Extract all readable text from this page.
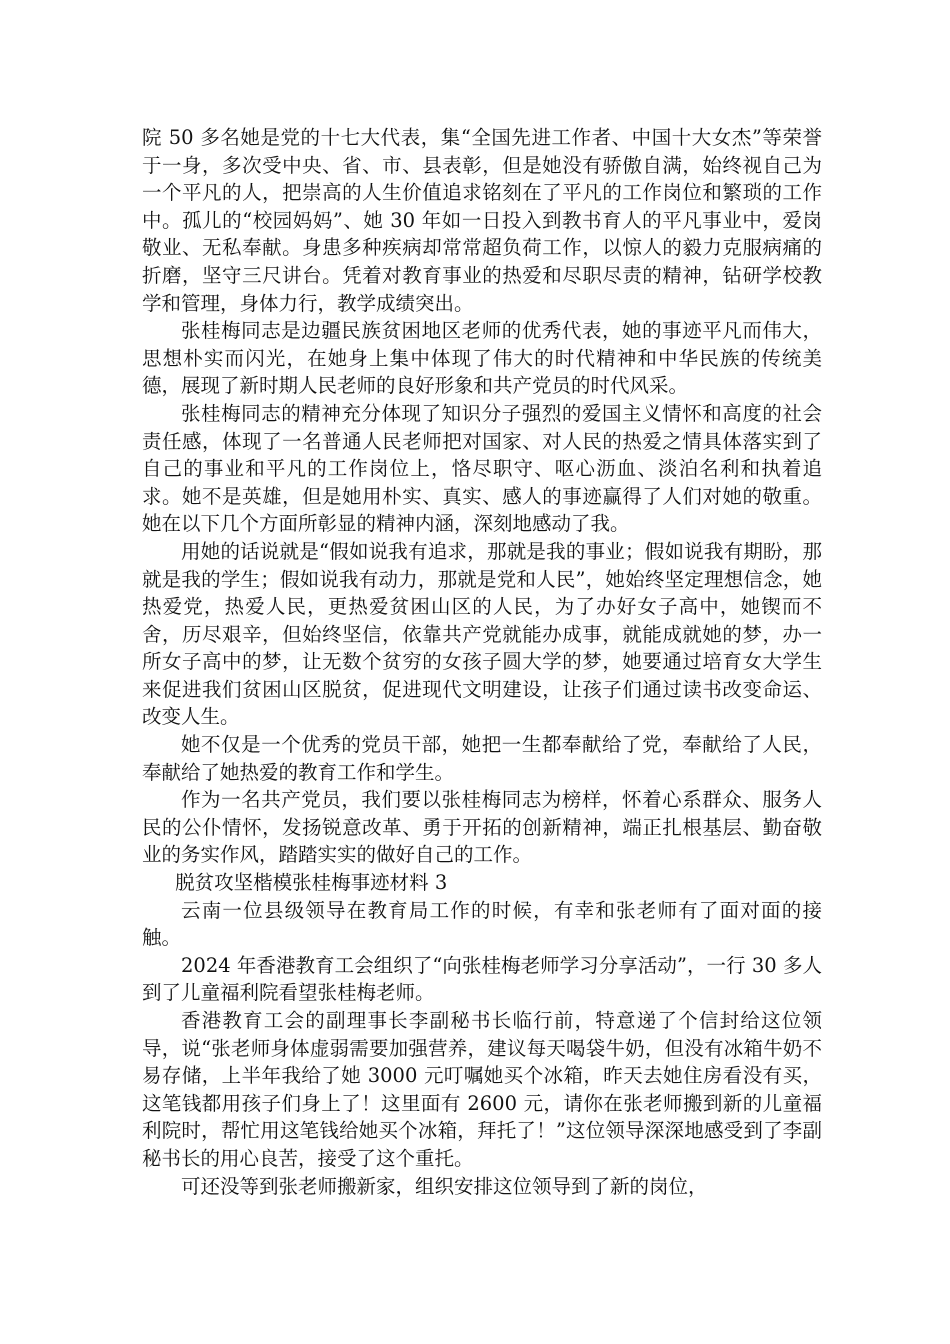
院 50 多名她是党的十七大代表，集“全国先进工作者、中国十大女杰”等荣誉于一身，多次受中央、省、市、县表彰，但是她没有骄傲自满，始终视自己为一个平凡的人，把崇高的人生价值追求铭刻在了平凡的工作岗位和繁琐的工作中。孤儿的“校园妈妈”、她 30 年如一日投入到教书育人的平凡事业中，爱岗敬业、无私奉献。身患多种疾病却常常超负荷工作，以惊人的毅力克服病痛的折磨，坚守三尺讲台。凭着对教育事业的热爱和尽职尽责的精神，钻研学校教学和管理，身体力行，教学成绩突出。

张桂梅同志是边疆民族贫困地区老师的优秀代表，她的事迹平凡而伟大，思想朴实而闪光，在她身上集中体现了伟大的时代精神和中华民族的传统美德，展现了新时期人民老师的良好形象和共产党员的时代风采。

张桂梅同志的精神充分体现了知识分子强烈的爱国主义情怀和高度的社会责任感，体现了一名普通人民老师把对国家、对人民的热爱之情具体落实到了自己的事业和平凡的工作岗位上，恪尽职守、呕心沥血、淡泊名利和执着追求。她不是英雄，但是她用朴实、真实、感人的事迹赢得了人们对她的敬重。她在以下几个方面所彰显的精神内涵，深刻地感动了我。

用她的话说就是“假如说我有追求，那就是我的事业；假如说我有期盼，那就是我的学生；假如说我有动力，那就是党和人民”，她始终坚定理想信念，她热爱党，热爱人民，更热爱贫困山区的人民，为了办好女子高中，她锲而不舍，历尽艰辛，但始终坚信，依靠共产党就能办成事，就能成就她的梦，办一所女子高中的梦，让无数个贫穷的女孩子圆大学的梦，她要通过培育女大学生来促进我们贫困山区脱贫，促进现代文明建设，让孩子们通过读书改变命运、改变人生。

她不仅是一个优秀的党员干部，她把一生都奉献给了党，奉献给了人民，奉献给了她热爱的教育工作和学生。

作为一名共产党员，我们要以张桂梅同志为榜样，怀着心系群众、服务人民的公仆情怀，发扬锐意改革、勇于开拓的创新精神，端正扎根基层、勤奋敬业的务实作风，踏踏实实的做好自己的工作。

脱贫攻坚楷模张桂梅事迹材料 3

云南一位县级领导在教育局工作的时候，有幸和张老师有了面对面的接触。

2024 年香港教育工会组织了“向张桂梅老师学习分享活动”，一行 30 多人到了儿童福利院看望张桂梅老师。

香港教育工会的副理事长李副秘书长临行前，特意递了个信封给这位领导，说“张老师身体虚弱需要加强营养，建议每天喝袋牛奶，但没有冰箱牛奶不易存储，上半年我给了她 3000 元叮嘱她买个冰箱，昨天去她住房看没有买，这笔钱都用孩子们身上了！这里面有 2600 元，请你在张老师搬到新的儿童福利院时，帮忙用这笔钱给她买个冰箱，拜托了！”这位领导深深地感受到了李副秘书长的用心良苦，接受了这个重托。

可还没等到张老师搬新家，组织安排这位领导到了新的岗位，
